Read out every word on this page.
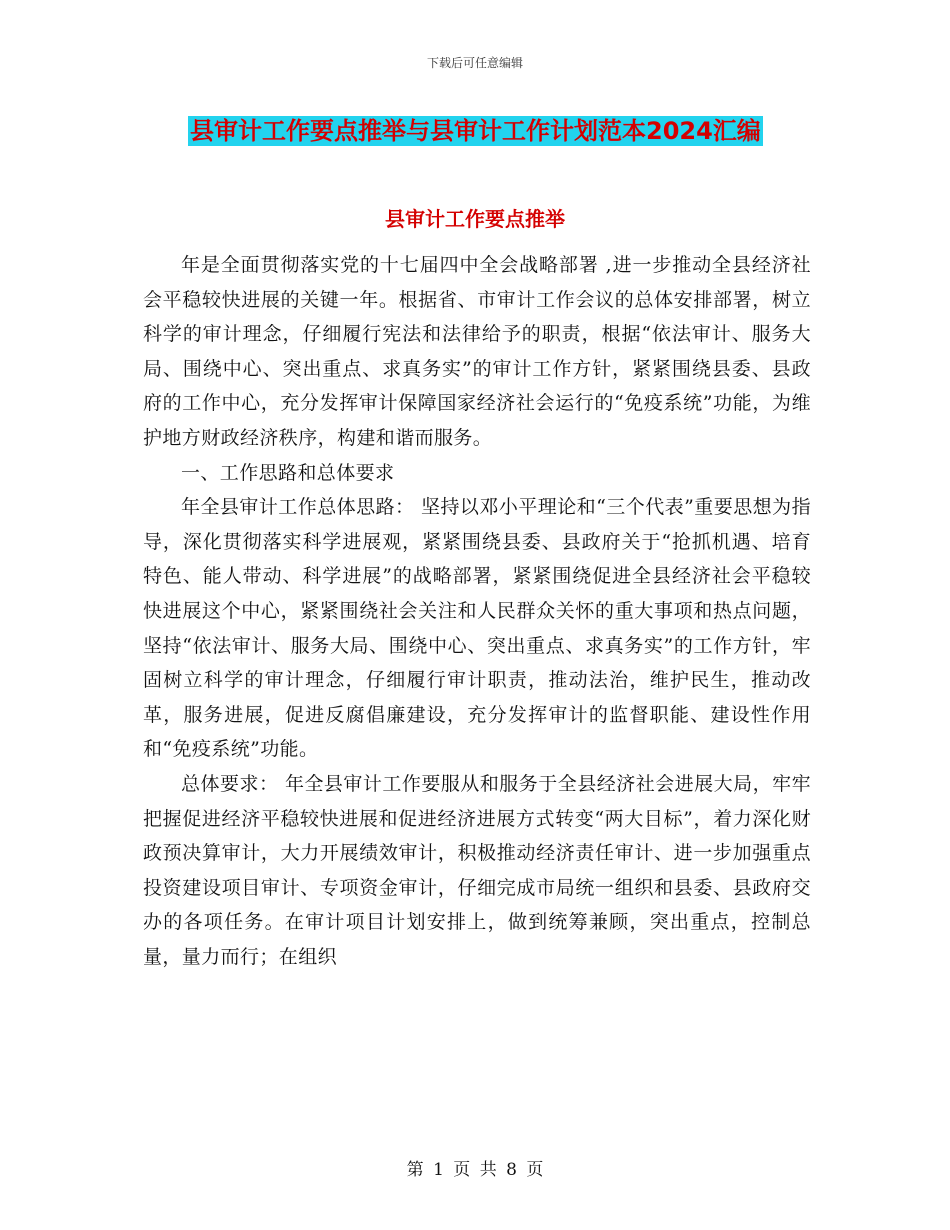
下载后可任意编辑
县审计工作要点推举与县审计工作计划范本2024汇编
县审计工作要点推举

年是全面贯彻落实党的十七届四中全会战略部署 ,进一步推动全县经济社会平稳较快进展的关键一年。根据省、市审计工作会议的总体安排部署，树立科学的审计理念，仔细履行宪法和法律给予的职责，根据“依法审计、服务大局、围绕中心、突出重点、求真务实”的审计工作方针，紧紧围绕县委、县政府的工作中心，充分发挥审计保障国家经济社会运行的“免疫系统”功能，为维护地方财政经济秩序，构建和谐而服务。

一、工作思路和总体要求

年全县审计工作总体思路： 坚持以邓小平理论和“三个代表”重要思想为指导，深化贯彻落实科学进展观，紧紧围绕县委、县政府关于“抢抓机遇、培育特色、能人带动、科学进展”的战略部署，紧紧围绕促进全县经济社会平稳较快进展这个中心，紧紧围绕社会关注和人民群众关怀的重大事项和热点问题，坚持“依法审计、服务大局、围绕中心、突出重点、求真务实”的工作方针，牢固树立科学的审计理念，仔细履行审计职责，推动法治，维护民生，推动改革，服务进展，促进反腐倡廉建设，充分发挥审计的监督职能、建设性作用和“免疫系统”功能。

总体要求： 年全县审计工作要服从和服务于全县经济社会进展大局，牢牢把握促进经济平稳较快进展和促进经济进展方式转变“两大目标”，着力深化财政预决算审计，大力开展绩效审计，积极推动经济责任审计、进一步加强重点投资建设项目审计、专项资金审计，仔细完成市局统一组织和县委、县政府交办的各项任务。在审计项目计划安排上，做到统筹兼顾，突出重点，控制总量，量力而行；在组织

第 1 页 共 8 页
